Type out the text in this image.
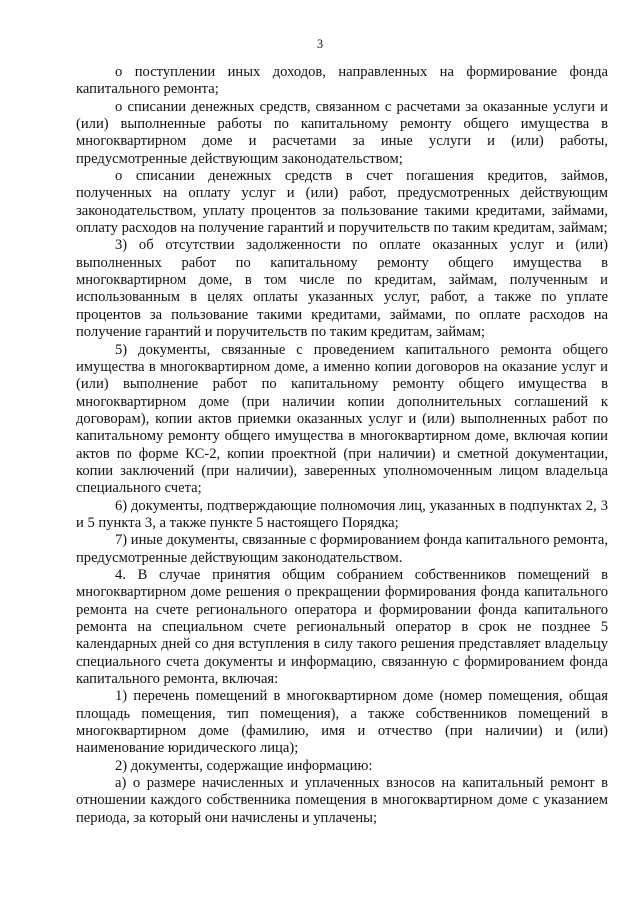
3

о поступлении иных доходов, направленных на формирование фонда капитального ремонта;

о списании денежных средств, связанном с расчетами за оказанные услуги и (или) выполненные работы по капитальному ремонту общего имущества в многоквартирном доме и расчетами за иные услуги и (или) работы, предусмотренные действующим законодательством;

о списании денежных средств в счет погашения кредитов, займов, полученных на оплату услуг и (или) работ, предусмотренных действующим законодательством, уплату процентов за пользование такими кредитами, займами, оплату расходов на получение гарантий и поручительств по таким кредитам, займам;

3) об отсутствии задолженности по оплате оказанных услуг и (или) выполненных работ по капитальному ремонту общего имущества в многоквартирном доме, в том числе по кредитам, займам, полученным и использованным в целях оплаты указанных услуг, работ, а также по уплате процентов за пользование такими кредитами, займами, по оплате расходов на получение гарантий и поручительств по таким кредитам, займам;

5) документы, связанные с проведением капитального ремонта общего имущества в многоквартирном доме, а именно копии договоров на оказание услуг и (или) выполнение работ по капитальному ремонту общего имущества в многоквартирном доме (при наличии копии дополнительных соглашений к договорам), копии актов приемки оказанных услуг и (или) выполненных работ по капитальному ремонту общего имущества в многоквартирном доме, включая копии актов по форме КС-2, копии проектной (при наличии) и сметной документации, копии заключений (при наличии), заверенных уполномоченным лицом владельца специального счета;

6) документы, подтверждающие полномочия лиц, указанных в подпунктах 2, 3 и 5 пункта 3, а также пункте 5 настоящего Порядка;

7) иные документы, связанные с формированием фонда капитального ремонта, предусмотренные действующим законодательством.

4. В случае принятия общим собранием собственников помещений в многоквартирном доме решения о прекращении формирования фонда капитального ремонта на счете регионального оператора и формировании фонда капитального ремонта на специальном счете региональный оператор в срок не позднее 5 календарных дней со дня вступления в силу такого решения представляет владельцу специального счета документы и информацию, связанную с формированием фонда капитального ремонта, включая:

1) перечень помещений в многоквартирном доме (номер помещения, общая площадь помещения, тип помещения), а также собственников помещений в многоквартирном доме (фамилию, имя и отчество (при наличии) и (или) наименование юридического лица);

2) документы, содержащие информацию:

а) о размере начисленных и уплаченных взносов на капитальный ремонт в отношении каждого собственника помещения в многоквартирном доме с указанием периода, за который они начислены и уплачены;
